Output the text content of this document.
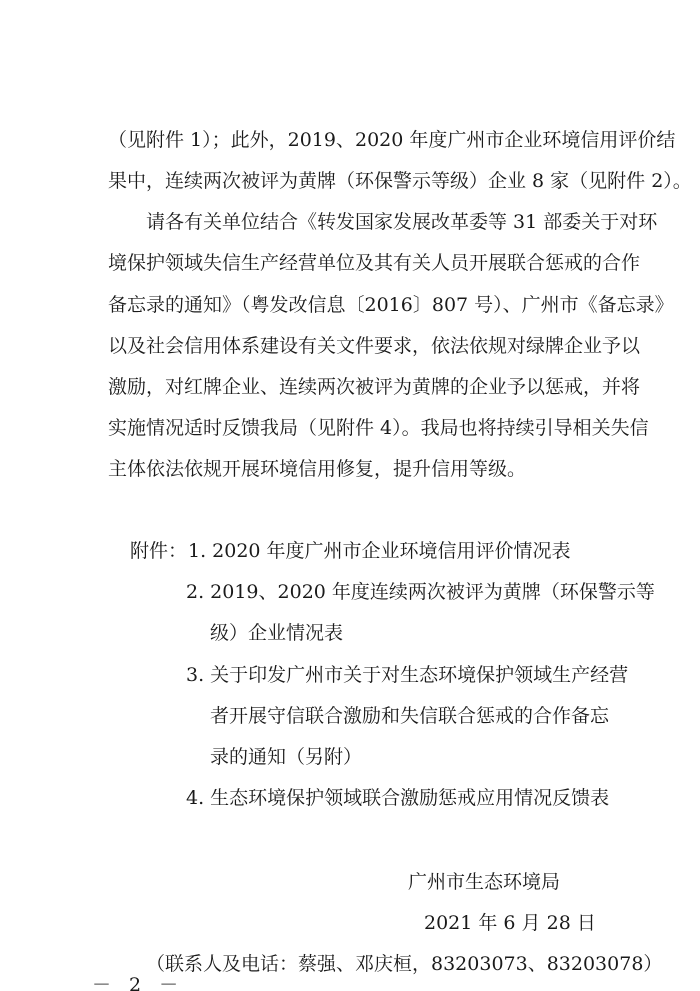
（见附件 1）；此外，2019、2020 年度广州市企业环境信用评价结
果中，连续两次被评为黄牌（环保警示等级）企业 8 家（见附件 2）。
请各有关单位结合《转发国家发展改革委等 31 部委关于对环
境保护领域失信生产经营单位及其有关人员开展联合惩戒的合作
备忘录的通知》（粤发改信息〔2016〕807 号）、广州市《备忘录》
以及社会信用体系建设有关文件要求，依法依规对绿牌企业予以
激励，对红牌企业、连续两次被评为黄牌的企业予以惩戒，并将
实施情况适时反馈我局（见附件 4）。我局也将持续引导相关失信
主体依法依规开展环境信用修复，提升信用等级。
附件： 1. 2020 年度广州市企业环境信用评价情况表
2. 2019、2020 年度连续两次被评为黄牌（环保警示等
级）企业情况表
3. 关于印发广州市关于对生态环境保护领域生产经营
者开展守信联合激励和失信联合惩戒的合作备忘
录的通知（另附）
4. 生态环境保护领域联合激励惩戒应用情况反馈表
广州市生态环境局
2021 年 6 月 28 日
（联系人及电话：蔡强、邓庆桓，83203073、83203078）
－ 2 －
